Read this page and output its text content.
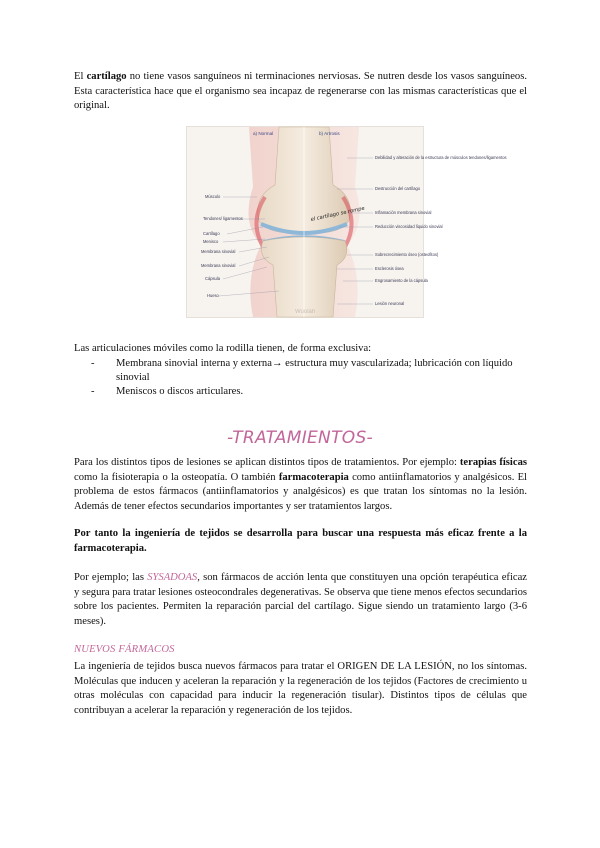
El cartílago no tiene vasos sanguíneos ni terminaciones nerviosas. Se nutren desde los vasos sanguíneos. Esta característica hace que el organismo sea incapaz de regenerarse con las mismas características que el original.

Músculo
Tendones/ ligamentos
Cartílago
Menisco
Membrana sinovial
Membrana sinovial
Cápsula
Hueso
Debilidad y alteración de la estructura de músculos tendones/ligamentos
Destrucción del cartílago
Inflamación membrana sinovial
Reducción viscosidad líquido sinovial
Sobrecrecimiento óseo (osteofitos)
Esclerosis ósea
Engrosamiento de la cápsula
Lesión neuronal
a) Normal	b) Artrosis
el cartílago se rompe
Wuolah

Las articulaciones móviles como la rodilla tienen, de forma exclusiva:

-	Membrana sinovial interna y externa→ estructura muy vascularizada; lubricación con líquido sinovial
-	Meniscos o discos articulares.
-TRATAMIENTOS-

Para los distintos tipos de lesiones se aplican distintos tipos de tratamientos. Por ejemplo: terapias físicas como la fisioterapia o la osteopatía. O también farmacoterapia como antiinflamatorios y analgésicos. El problema de estos fármacos (antiinflamatorios y analgésicos) es que tratan los síntomas no la lesión. Además de tener efectos secundarios importantes y ser tratamientos largos.

Por tanto la ingeniería de tejidos se desarrolla para buscar una respuesta más eficaz frente a la farmacoterapia.

Por ejemplo; las SYSADOAS, son fármacos de acción lenta que constituyen una opción terapéutica eficaz y segura para tratar lesiones osteocondrales degenerativas. Se observa que tiene menos efectos secundarios sobre los pacientes. Permiten la reparación parcial del cartílago. Sigue siendo un tratamiento largo (3-6 meses).

NUEVOS FÁRMACOS

La ingeniería de tejidos busca nuevos fármacos para tratar el ORIGEN DE LA LESIÓN, no los síntomas. Moléculas que inducen y aceleran la reparación y la regeneración de los tejidos (Factores de crecimiento u otras moléculas con capacidad para inducir la regeneración tisular). Distintos tipos de células que contribuyan a acelerar la reparación y regeneración de los tejidos.
